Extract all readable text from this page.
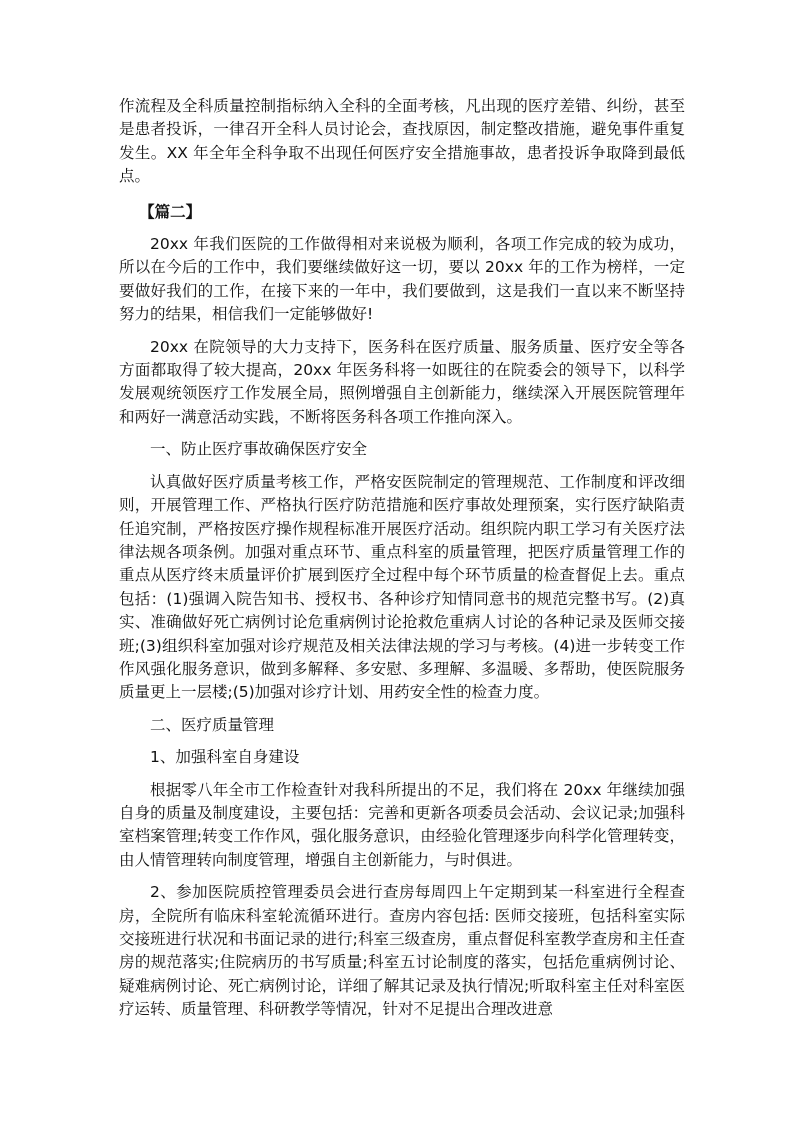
作流程及全科质量控制指标纳入全科的全面考核，凡出现的医疗差错、纠纷，甚至是患者投诉，一律召开全科人员讨论会，查找原因，制定整改措施，避免事件重复发生。XX 年全年全科争取不出现任何医疗安全措施事故，患者投诉争取降到最低点。

【篇二】

20xx 年我们医院的工作做得相对来说极为顺利，各项工作完成的较为成功，所以在今后的工作中，我们要继续做好这一切，要以 20xx 年的工作为榜样，一定要做好我们的工作，在接下来的一年中，我们要做到，这是我们一直以来不断坚持努力的结果，相信我们一定能够做好!

20xx 在院领导的大力支持下，医务科在医疗质量、服务质量、医疗安全等各方面都取得了较大提高，20xx 年医务科将一如既往的在院委会的领导下，以科学发展观统领医疗工作发展全局，照例增强自主创新能力，继续深入开展医院管理年和两好一满意活动实践，不断将医务科各项工作推向深入。

一、防止医疗事故确保医疗安全

认真做好医疗质量考核工作，严格安医院制定的管理规范、工作制度和评改细则，开展管理工作、严格执行医疗防范措施和医疗事故处理预案，实行医疗缺陷责任追究制，严格按医疗操作规程标准开展医疗活动。组织院内职工学习有关医疗法律法规各项条例。加强对重点环节、重点科室的质量管理，把医疗质量管理工作的重点从医疗终末质量评价扩展到医疗全过程中每个环节质量的检查督促上去。重点包括：(1)强调入院告知书、授权书、各种诊疗知情同意书的规范完整书写。(2)真实、准确做好死亡病例讨论危重病例讨论抢救危重病人讨论的各种记录及医师交接班;(3)组织科室加强对诊疗规范及相关法律法规的学习与考核。(4)进一步转变工作作风强化服务意识，做到多解释、多安慰、多理解、多温暖、多帮助，使医院服务质量更上一层楼;(5)加强对诊疗计划、用药安全性的检查力度。

二、医疗质量管理

1、加强科室自身建设

根据零八年全市工作检查针对我科所提出的不足，我们将在 20xx 年继续加强自身的质量及制度建设，主要包括：完善和更新各项委员会活动、会议记录;加强科室档案管理;转变工作作风，强化服务意识，由经验化管理逐步向科学化管理转变，由人情管理转向制度管理，增强自主创新能力，与时俱进。

2、参加医院质控管理委员会进行查房每周四上午定期到某一科室进行全程查房，全院所有临床科室轮流循环进行。查房内容包括: 医师交接班，包括科室实际交接班进行状况和书面记录的进行;科室三级查房，重点督促科室教学查房和主任查房的规范落实;住院病历的书写质量;科室五讨论制度的落实，包括危重病例讨论、疑难病例讨论、死亡病例讨论，详细了解其记录及执行情况;听取科室主任对科室医疗运转、质量管理、科研教学等情况，针对不足提出合理改进意
